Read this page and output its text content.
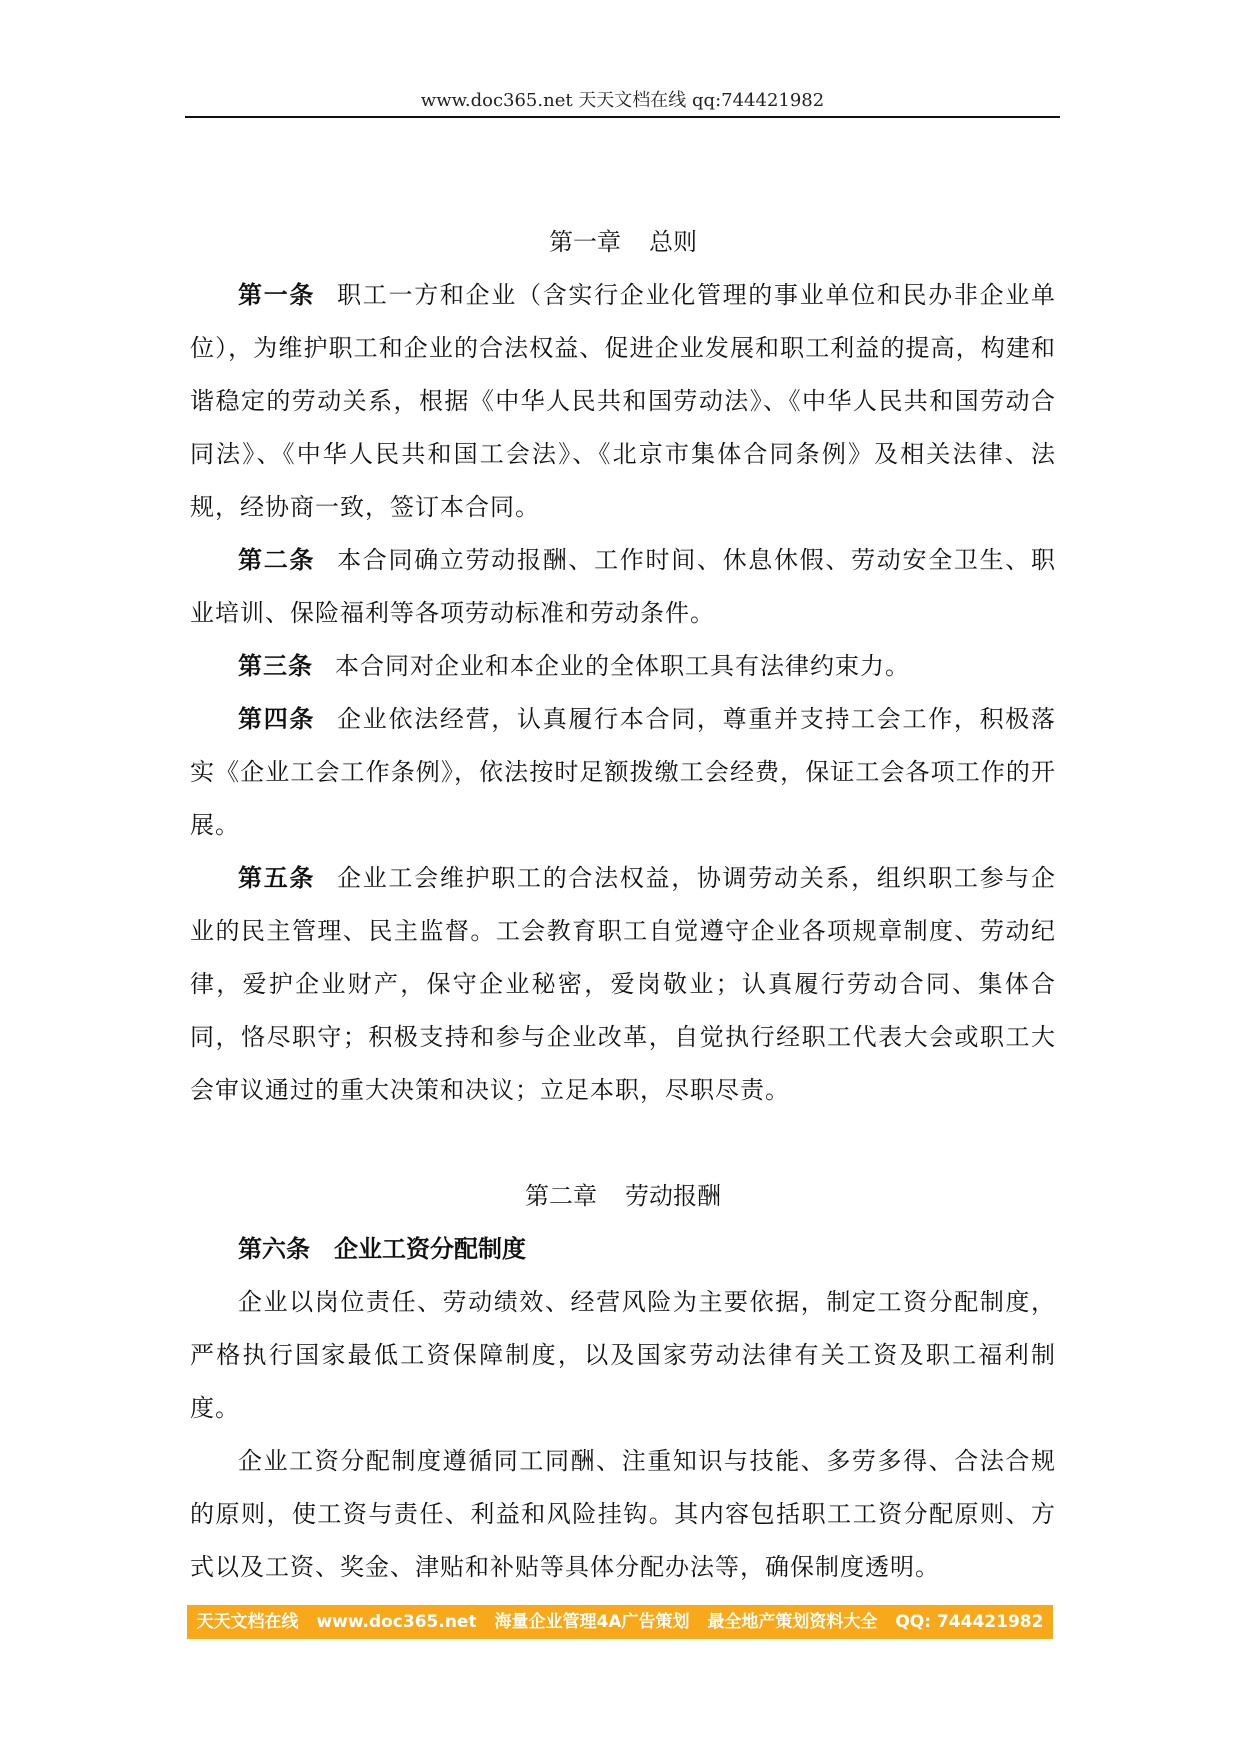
www.doc365.net 天天文档在线 qq:744421982

第一章 总则

第一条 职工一方和企业（含实行企业化管理的事业单位和民办非企业单位），为维护职工和企业的合法权益、促进企业发展和职工利益的提高，构建和谐稳定的劳动关系，根据《中华人民共和国劳动法》、《中华人民共和国劳动合同法》、《中华人民共和国工会法》、《北京市集体合同条例》及相关法律、法规，经协商一致，签订本合同。

第二条 本合同确立劳动报酬、工作时间、休息休假、劳动安全卫生、职业培训、保险福利等各项劳动标准和劳动条件。

第三条 本合同对企业和本企业的全体职工具有法律约束力。

第四条 企业依法经营，认真履行本合同，尊重并支持工会工作，积极落实《企业工会工作条例》，依法按时足额拨缴工会经费，保证工会各项工作的开展。

第五条 企业工会维护职工的合法权益，协调劳动关系，组织职工参与企业的民主管理、民主监督。工会教育职工自觉遵守企业各项规章制度、劳动纪律，爱护企业财产，保守企业秘密，爱岗敬业；认真履行劳动合同、集体合同，恪尽职守；积极支持和参与企业改革，自觉执行经职工代表大会或职工大会审议通过的重大决策和决议；立足本职，尽职尽责。

第二章 劳动报酬

第六条 企业工资分配制度

企业以岗位责任、劳动绩效、经营风险为主要依据，制定工资分配制度，严格执行国家最低工资保障制度，以及国家劳动法律有关工资及职工福利制度。

企业工资分配制度遵循同工同酬、注重知识与技能、多劳多得、合法合规的原则，使工资与责任、利益和风险挂钩。其内容包括职工工资分配原则、方式以及工资、奖金、津贴和补贴等具体分配办法等，确保制度透明。

天天文档在线 www.doc365.net 海量企业管理4A广告策划 最全地产策划资料大全 QQ: 744421982
